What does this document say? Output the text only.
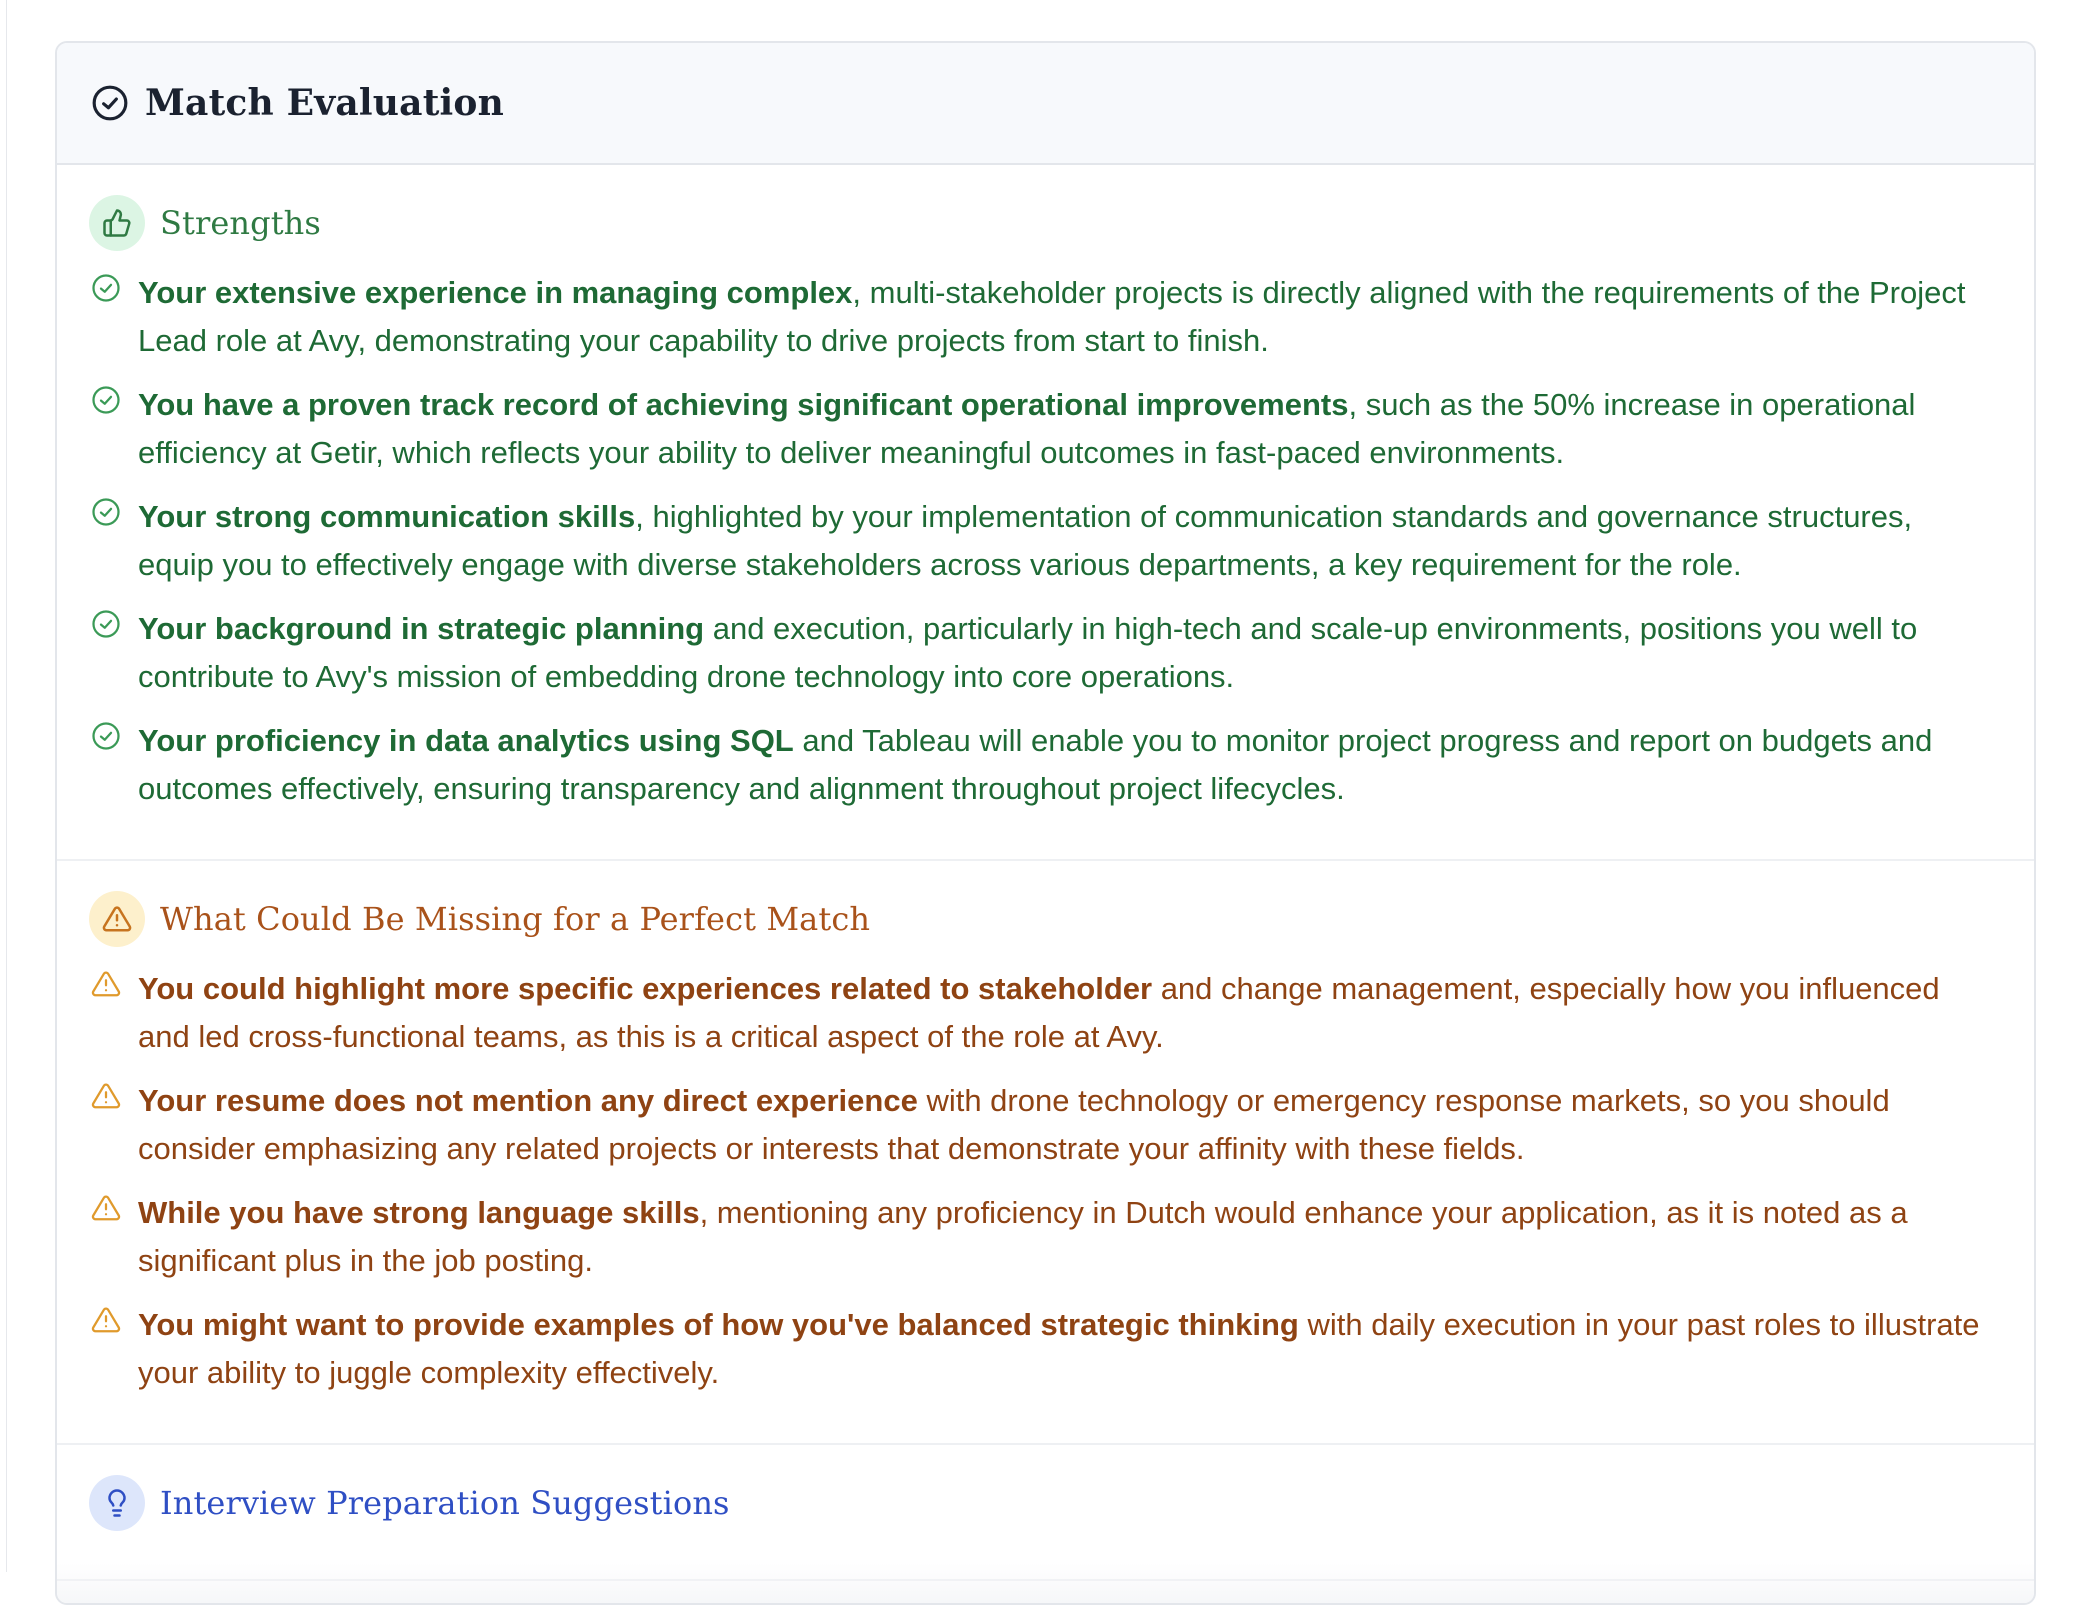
Match Evaluation
Strengths
Your extensive experience in managing complex, multi-stakeholder projects is directly aligned with the requirements of the Project Lead role at Avy, demonstrating your capability to drive projects from start to finish.
You have a proven track record of achieving significant operational improvements, such as the 50% increase in operational efficiency at Getir, which reflects your ability to deliver meaningful outcomes in fast-paced environments.
Your strong communication skills, highlighted by your implementation of communication standards and governance structures, equip you to effectively engage with diverse stakeholders across various departments, a key requirement for the role.
Your background in strategic planning and execution, particularly in high-tech and scale-up environments, positions you well to contribute to Avy's mission of embedding drone technology into core operations.
Your proficiency in data analytics using SQL and Tableau will enable you to monitor project progress and report on budgets and outcomes effectively, ensuring transparency and alignment throughout project lifecycles.
What Could Be Missing for a Perfect Match
You could highlight more specific experiences related to stakeholder and change management, especially how you influenced and led cross-functional teams, as this is a critical aspect of the role at Avy.
Your resume does not mention any direct experience with drone technology or emergency response markets, so you should consider emphasizing any related projects or interests that demonstrate your affinity with these fields.
While you have strong language skills, mentioning any proficiency in Dutch would enhance your application, as it is noted as a significant plus in the job posting.
You might want to provide examples of how you've balanced strategic thinking with daily execution in your past roles to illustrate your ability to juggle complexity effectively.
Interview Preparation Suggestions
